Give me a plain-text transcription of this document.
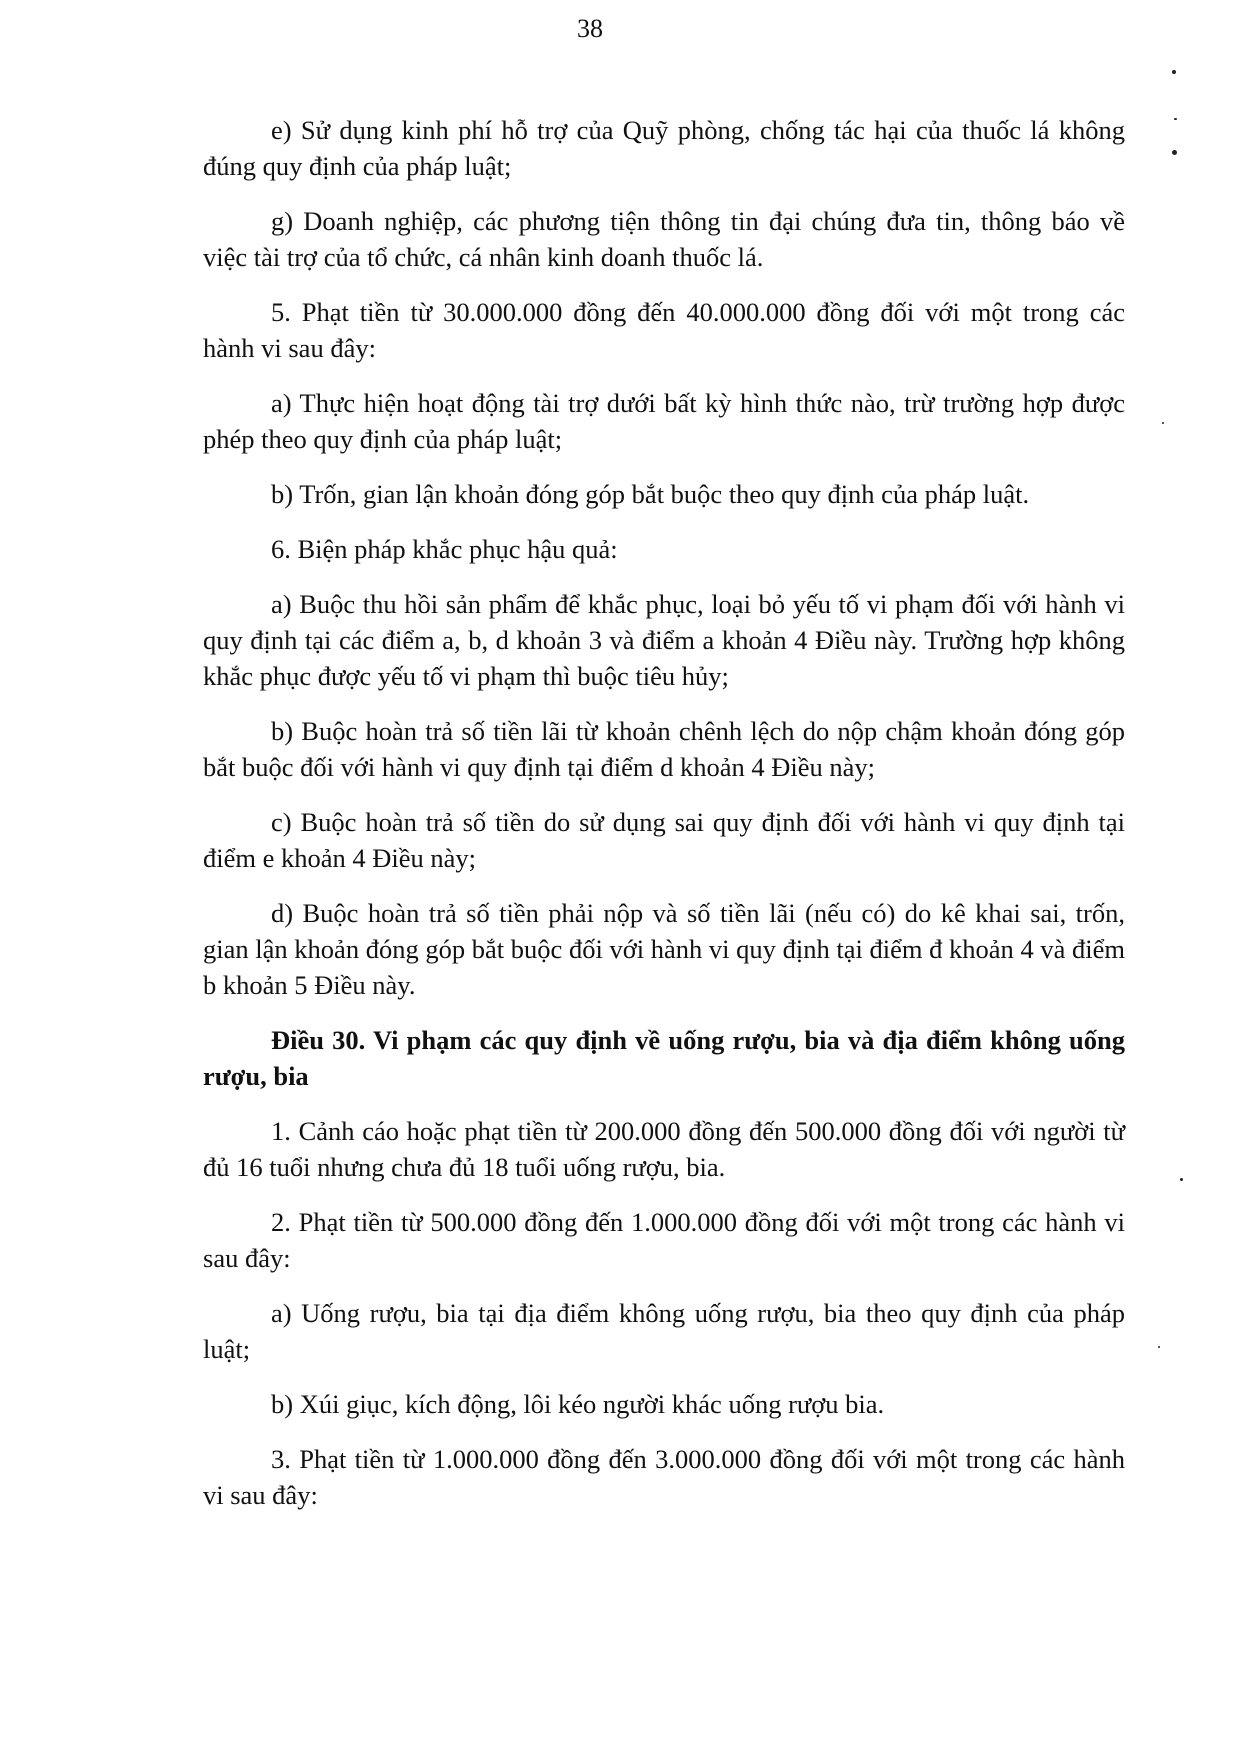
38

e) Sử dụng kinh phí hỗ trợ của Quỹ phòng, chống tác hại của thuốc lá không đúng quy định của pháp luật;

g) Doanh nghiệp, các phương tiện thông tin đại chúng đưa tin, thông báo về việc tài trợ của tổ chức, cá nhân kinh doanh thuốc lá.

5. Phạt tiền từ 30.000.000 đồng đến 40.000.000 đồng đối với một trong các hành vi sau đây:

a) Thực hiện hoạt động tài trợ dưới bất kỳ hình thức nào, trừ trường hợp được phép theo quy định của pháp luật;

b) Trốn, gian lận khoản đóng góp bắt buộc theo quy định của pháp luật.

6. Biện pháp khắc phục hậu quả:

a) Buộc thu hồi sản phẩm để khắc phục, loại bỏ yếu tố vi phạm đối với hành vi quy định tại các điểm a, b, d khoản 3 và điểm a khoản 4 Điều này. Trường hợp không khắc phục được yếu tố vi phạm thì buộc tiêu hủy;

b) Buộc hoàn trả số tiền lãi từ khoản chênh lệch do nộp chậm khoản đóng góp bắt buộc đối với hành vi quy định tại điểm d khoản 4 Điều này;

c) Buộc hoàn trả số tiền do sử dụng sai quy định đối với hành vi quy định tại điểm e khoản 4 Điều này;

d) Buộc hoàn trả số tiền phải nộp và số tiền lãi (nếu có) do kê khai sai, trốn, gian lận khoản đóng góp bắt buộc đối với hành vi quy định tại điểm đ khoản 4 và điểm b khoản 5 Điều này.

Điều 30. Vi phạm các quy định về uống rượu, bia và địa điểm không uống rượu, bia

1. Cảnh cáo hoặc phạt tiền từ 200.000 đồng đến 500.000 đồng đối với người từ đủ 16 tuổi nhưng chưa đủ 18 tuổi uống rượu, bia.

2. Phạt tiền từ 500.000 đồng đến 1.000.000 đồng đối với một trong các hành vi sau đây:

a) Uống rượu, bia tại địa điểm không uống rượu, bia theo quy định của pháp luật;

b) Xúi giục, kích động, lôi kéo người khác uống rượu bia.

3. Phạt tiền từ 1.000.000 đồng đến 3.000.000 đồng đối với một trong các hành vi sau đây:
